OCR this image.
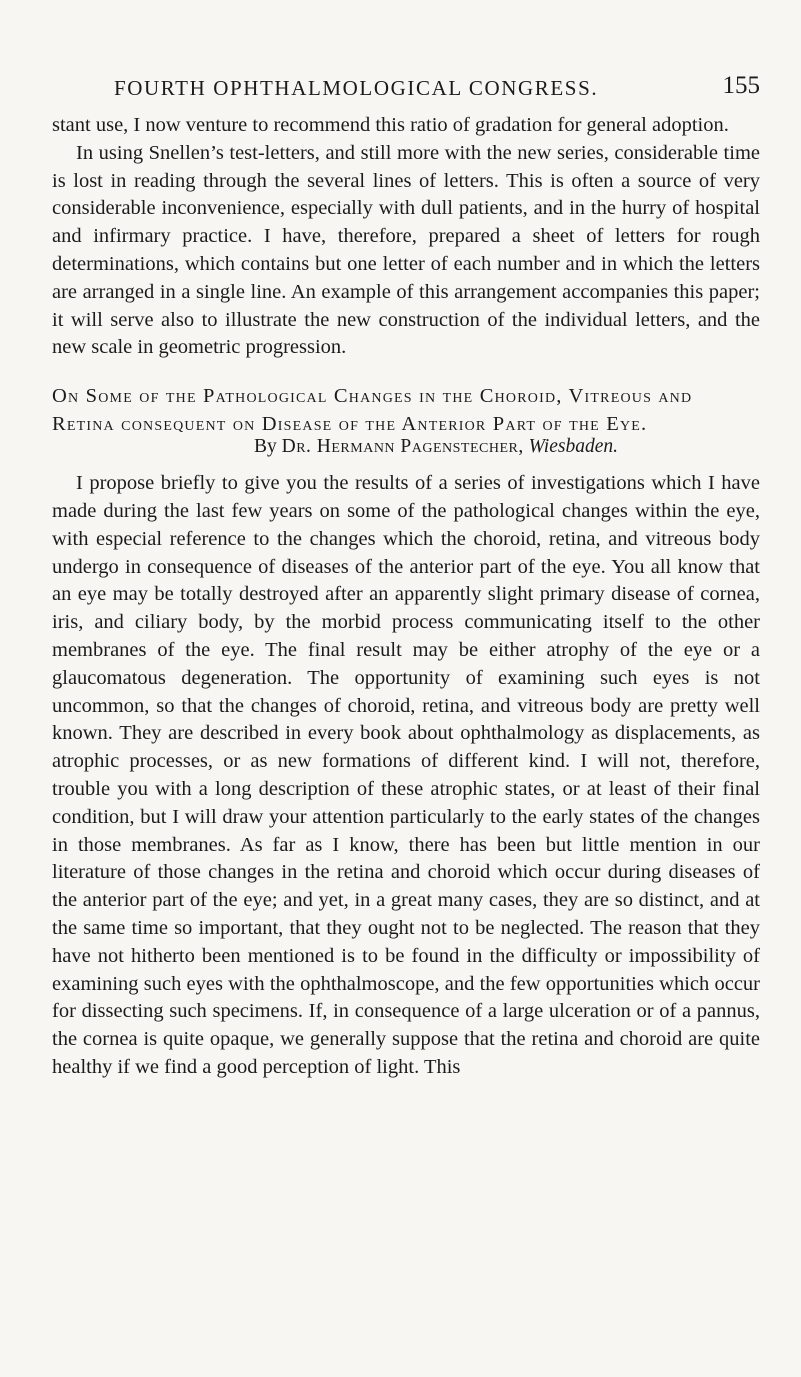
FOURTH OPHTHALMOLOGICAL CONGRESS.	155

stant use, I now venture to recommend this ratio of gradation for general adoption.

In using Snellen’s test-letters, and still more with the new series, considerable time is lost in reading through the several lines of letters. This is often a source of very considerable inconvenience, especially with dull patients, and in the hurry of hospital and infirmary practice. I have, therefore, prepared a sheet of letters for rough determinations, which contains but one letter of each number and in which the letters are arranged in a single line. An example of this arrangement accompanies this paper; it will serve also to illustrate the new construction of the individual letters, and the new scale in geometric progression.

On Some of the Pathological Changes in the Choroid, Vitreous and Retina consequent on Disease of the Anterior Part of the Eye.
By Dr. Hermann Pagenstecher, Wiesbaden.

I propose briefly to give you the results of a series of investigations which I have made during the last few years on some of the pathological changes within the eye, with especial reference to the changes which the choroid, retina, and vitreous body undergo in consequence of diseases of the anterior part of the eye. You all know that an eye may be totally destroyed after an apparently slight primary disease of cornea, iris, and ciliary body, by the morbid process communicating itself to the other membranes of the eye. The final result may be either atrophy of the eye or a glaucomatous degeneration. The opportunity of examining such eyes is not uncommon, so that the changes of choroid, retina, and vitreous body are pretty well known. They are described in every book about ophthalmology as displacements, as atrophic processes, or as new formations of different kind. I will not, therefore, trouble you with a long description of these atrophic states, or at least of their final condition, but I will draw your attention particularly to the early states of the changes in those membranes. As far as I know, there has been but little mention in our literature of those changes in the retina and choroid which occur during diseases of the anterior part of the eye; and yet, in a great many cases, they are so distinct, and at the same time so important, that they ought not to be neglected. The reason that they have not hitherto been mentioned is to be found in the difficulty or impossibility of examining such eyes with the ophthalmoscope, and the few opportunities which occur for dissecting such specimens. If, in consequence of a large ulceration or of a pannus, the cornea is quite opaque, we generally suppose that the retina and choroid are quite healthy if we find a good perception of light. This
